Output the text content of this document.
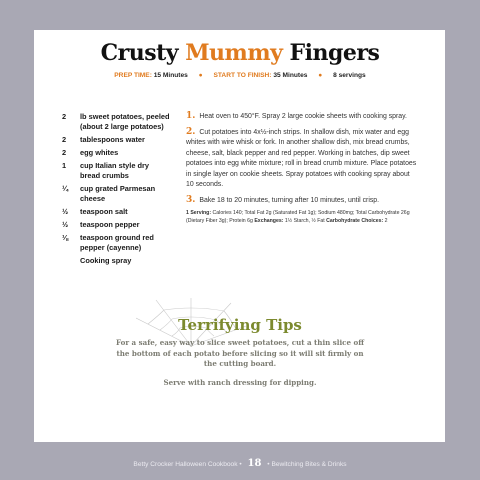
Crusty Mummy Fingers
PREP TIME: 15 Minutes ● START TO FINISH: 35 Minutes ● 8 servings
2	lb sweet potatoes, peeled (about 2 large potatoes)
2	tablespoons water
2	egg whites
1	cup Italian style dry bread crumbs
¼	cup grated Parmesan cheese
½	teaspoon salt
½	teaspoon pepper
⅛	teaspoon ground red pepper (cayenne)
Cooking spray
1. Heat oven to 450°F. Spray 2 large cookie sheets with cooking spray.
2. Cut potatoes into 4x½-inch strips. In shallow dish, mix water and egg whites with wire whisk or fork. In another shallow dish, mix bread crumbs, cheese, salt, black pepper and red pepper. Working in batches, dip sweet potatoes into egg white mixture; roll in bread crumb mixture. Place potatoes in single layer on cookie sheets. Spray potatoes with cooking spray about 10 seconds.
3. Bake 18 to 20 minutes, turning after 10 minutes, until crisp.
1 Serving: Calories 140; Total Fat 2g (Saturated Fat 1g); Sodium 480mg; Total Carbohydrate 26g (Dietary Fiber 3g); Protein 6g Exchanges: 1½ Starch, ½ Fat Carbohydrate Choices: 2
Terrifying Tips
For a safe, easy way to slice sweet potatoes, cut a thin slice off the bottom of each potato before slicing so it will sit firmly on the cutting board.
Serve with ranch dressing for dipping.
Betty Crocker Halloween Cookbook • 18 • Bewitching Bites & Drinks
